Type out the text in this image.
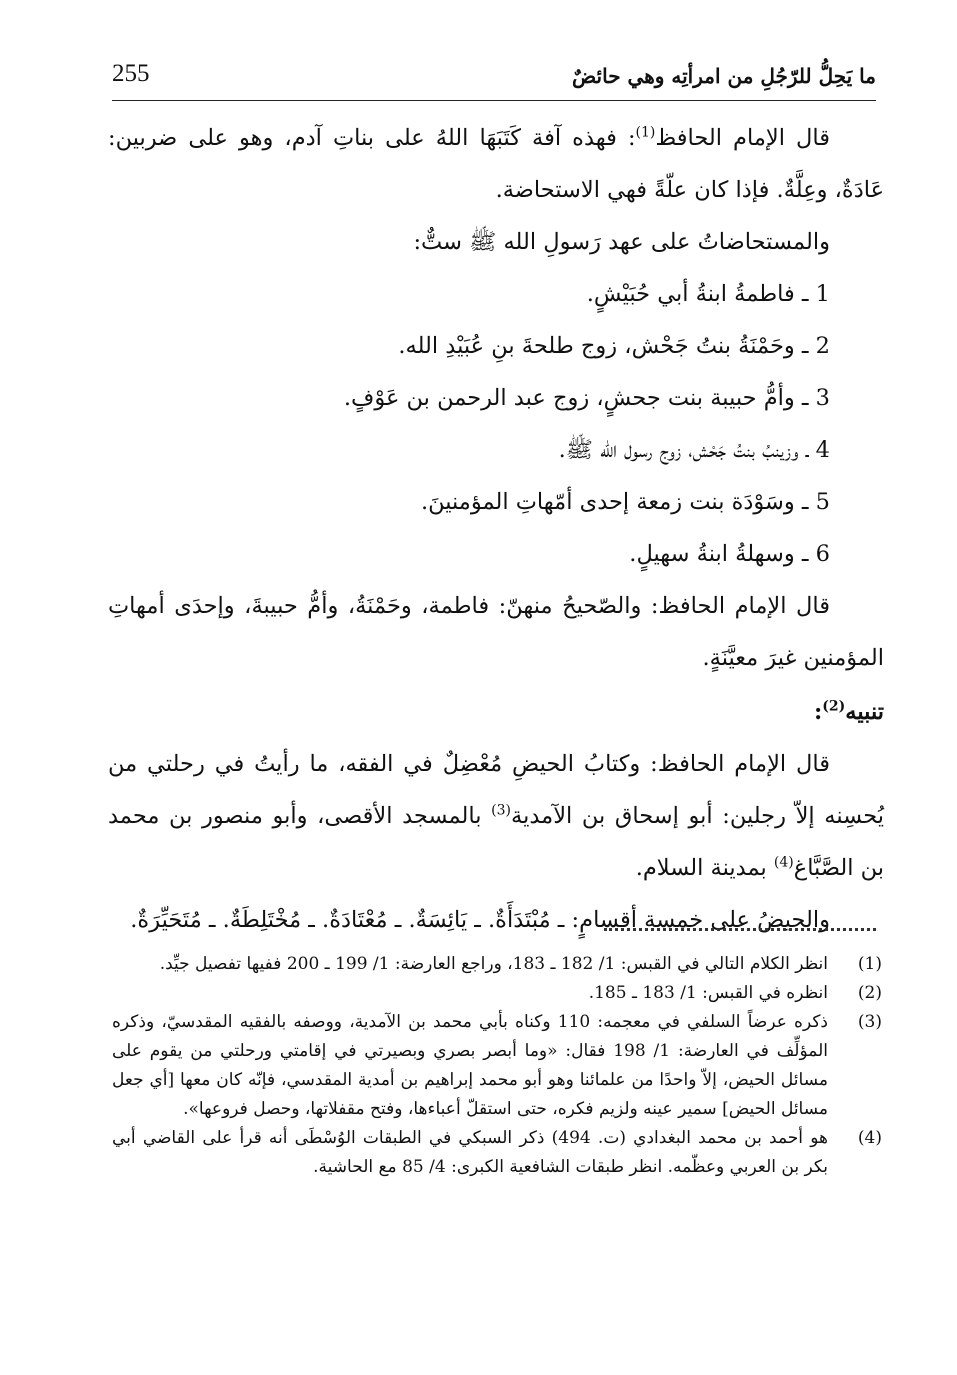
ما يَحِلُّ للرّجُلِ من امرأتِه وهي حائضٌ
255

قال الإمام الحافظ$^{(1)}$: فهذه آفة كَتَبَهَا اللهُ على بناتِ آدم، وهو على ضربين: عَادَةٌ، وعِلَّةٌ. فإذا كان علّةً فهي الاستحاضة.

والمستحاضاتُ على عهد رَسولِ الله ﷺ ستٌّ:

1 ـ فاطمةُ ابنةُ أبي حُبَيْشٍ.

2 ـ وحَمْنَةُ بنتُ جَحْش، زوج طلحةَ بنِ عُبَيْدِ الله.

3 ـ وأمُّ حبيبة بنت جحشٍ، زوج عبد الرحمن بن عَوْفٍ.

4 ـ وزينبُ بنتُ جَحْش، زوج رسول الله ﷺ.

5 ـ وسَوْدَة بنت زمعة إحدى أمّهاتِ المؤمنينَ.

6 ـ وسهلةُ ابنةُ سهيلٍ.

قال الإمام الحافظ: والصّحيحُ منهنّ: فاطمة، وحَمْنَةُ، وأمُّ حبيبةَ، وإحدَى أمهاتِ المؤمنين غيرَ معيَّنَةٍ.

تنبيه$^{(2)}$:

قال الإمام الحافظ: وكتابُ الحيضِ مُعْضِلٌ في الفقه، ما رأيتُ في رحلتي من يُحسِنه إلاّ رجلين: أبو إسحاق بن الآمدية$^{(3)}$ بالمسجد الأقصى، وأبو منصور بن محمد بن الصَّبَّاغ$^{(4)}$ بمدينة السلام.

والحيضُ على خمسة أقسامٍ: ـ مُبْتَدَأَةٌ. ـ يَائِسَةٌ. ـ مُعْتَادَةٌ. ـ مُخْتَلِطَةٌ. ـ مُتَحَيِّرَةٌ.

(1)
انظر الكلام التالي في القبس: 1/ 182 ـ 183، وراجع العارضة: 1/ 199 ـ 200 ففيها تفصيل جيِّد.
(2)
انظره في القبس: 1/ 183 ـ 185.
(3)
ذكره عرضاً السلفي في معجمه: 110 وكناه بأبي محمد بن الآمدية، ووصفه بالفقيه المقدسيّ، وذكره المؤلِّف في العارضة: 1/ 198 فقال: «وما أبصر بصري وبصيرتي في إقامتي ورحلتي من يقوم على مسائل الحيض، إلاّ واحدًا من علمائنا وهو أبو محمد إبراهيم بن أمدية المقدسي، فإنّه كان معها [أي جعل مسائل الحيض] سمير عينه ولزيم فكره، حتى استقلّ أعباءها، وفتح مقفلاتها، وحصل فروعها».
(4)
هو أحمد بن محمد البغدادي (ت. 494) ذكر السبكي في الطبقات الوُسْطَى أنه قرأ على القاضي أبي بكر بن العربي وعظّمه. انظر طبقات الشافعية الكبرى: 4/ 85 مع الحاشية.
